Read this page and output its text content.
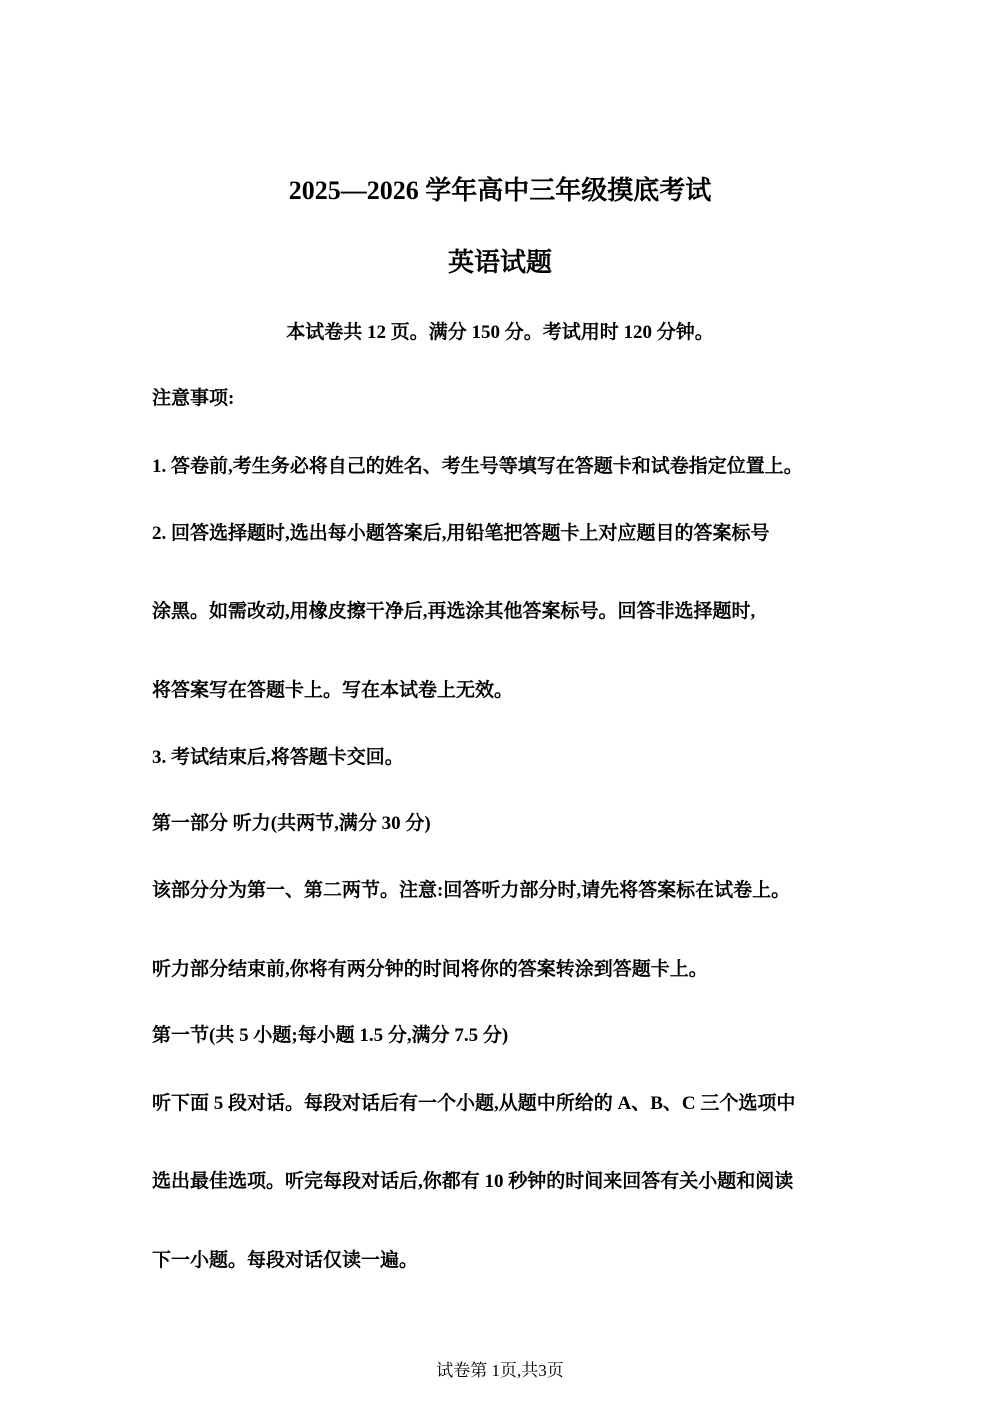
2025—2026 学年高中三年级摸底考试
英语试题
本试卷共 12 页。满分 150 分。考试用时 120 分钟。
注意事项:
1. 答卷前,考生务必将自己的姓名、考生号等填写在答题卡和试卷指定位置上。
2. 回答选择题时,选出每小题答案后,用铅笔把答题卡上对应题目的答案标号
涂黑。如需改动,用橡皮擦干净后,再选涂其他答案标号。回答非选择题时,
将答案写在答题卡上。写在本试卷上无效。
3. 考试结束后,将答题卡交回。
第一部分 听力(共两节,满分 30 分)
该部分分为第一、第二两节。注意:回答听力部分时,请先将答案标在试卷上。
听力部分结束前,你将有两分钟的时间将你的答案转涂到答题卡上。
第一节(共 5 小题;每小题 1.5 分,满分 7.5 分)
听下面 5 段对话。每段对话后有一个小题,从题中所给的 A、B、C 三个选项中
选出最佳选项。听完每段对话后,你都有 10 秒钟的时间来回答有关小题和阅读
下一小题。每段对话仅读一遍。
试卷第 1页,共3页
